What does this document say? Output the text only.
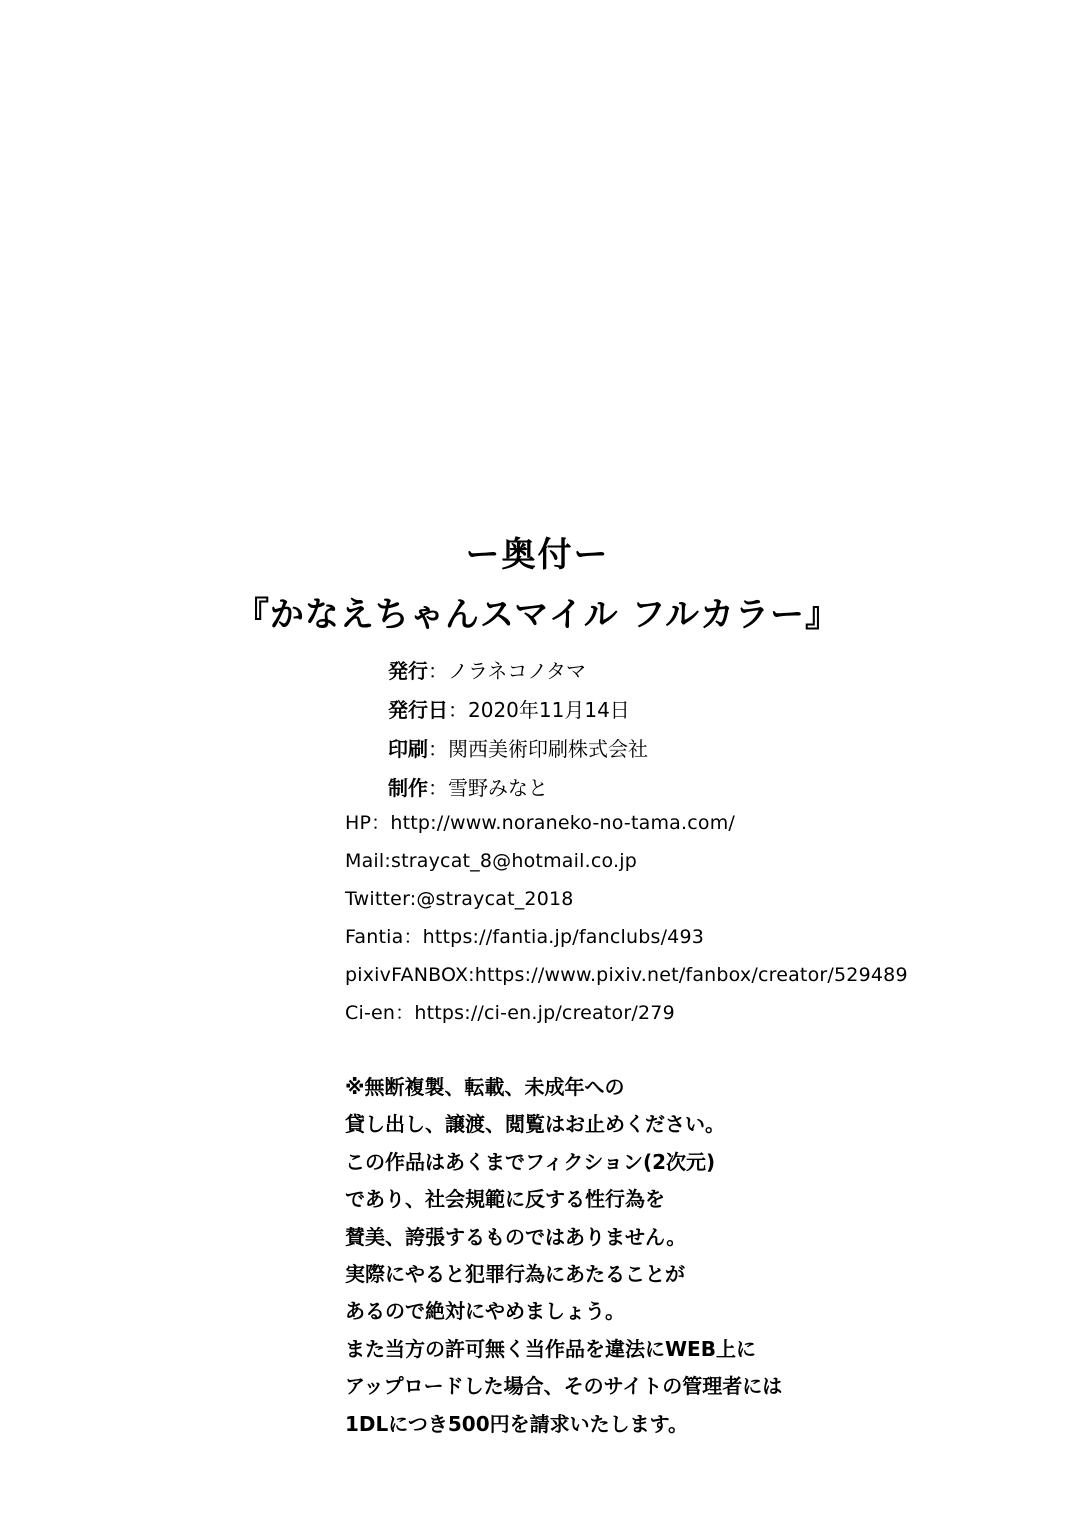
ー奥付ー
『かなえちゃんスマイル フルカラー』
発行：ノラネコノタマ
発行日：2020年11月14日
印刷：関西美術印刷株式会社
制作：雪野みなと
HP：http://www.noraneko-no-tama.com/
Mail:straycat_8@hotmail.co.jp
Twitter:@straycat_2018
Fantia：https://fantia.jp/fanclubs/493
pixivFANBOX:https://www.pixiv.net/fanbox/creator/529489
Ci-en：https://ci-en.jp/creator/279
※無断複製、転載、未成年への
貸し出し、譲渡、閲覧はお止めください。
この作品はあくまでフィクション(2次元)
であり、社会規範に反する性行為を
賛美、誇張するものではありません。
実際にやると犯罪行為にあたることが
あるので絶対にやめましょう。
また当方の許可無く当作品を違法にWEB上に
アップロードした場合、そのサイトの管理者には
1DLにつき500円を請求いたします。
